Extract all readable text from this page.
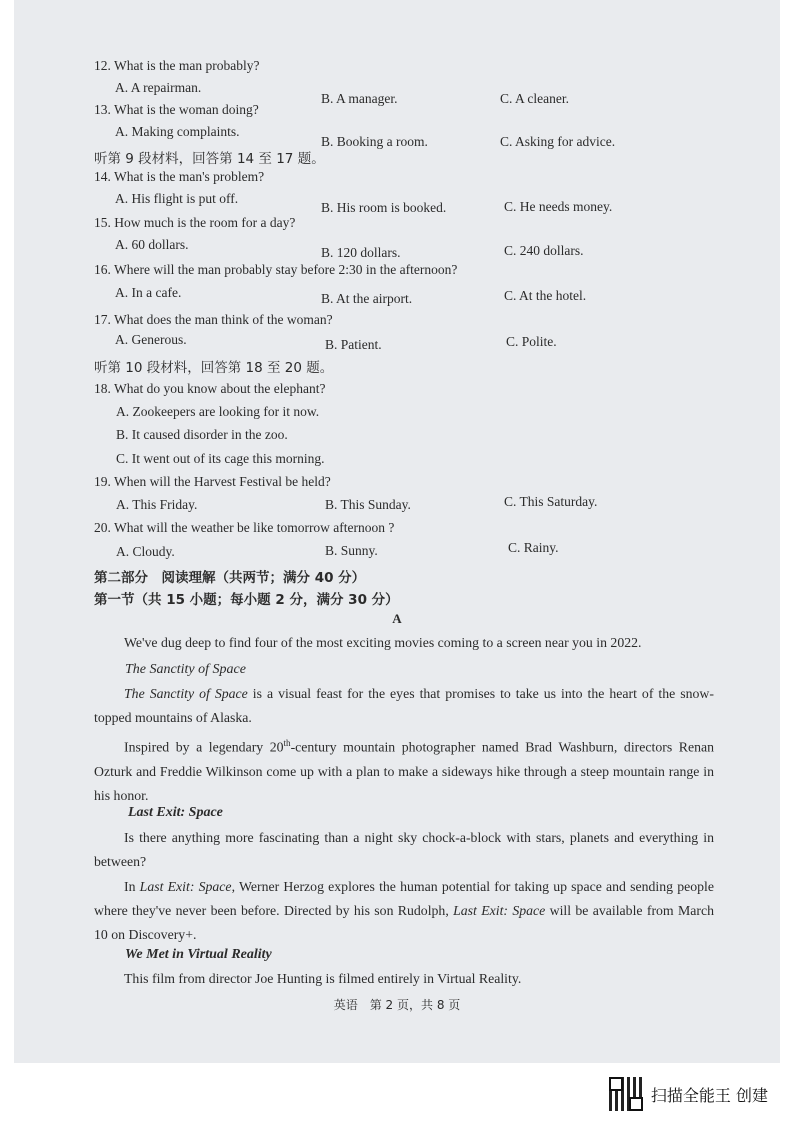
12. What is the man probably?
A. A repairman.
B. A manager.	C. A cleaner.
13. What is the woman doing?
A. Making complaints.
B. Booking a room.	C. Asking for advice.
听第 9 段材料，回答第 14 至 17 题。
14. What is the man's problem?
A. His flight is put off.
B. His room is booked.	C. He needs money.
15. How much is the room for a day?
A. 60 dollars.
B. 120 dollars.	C. 240 dollars.
16. Where will the man probably stay before 2:30 in the afternoon?
A. In a cafe.	B. At the airport.	C. At the hotel.
17. What does the man think of the woman?
A. Generous.	B. Patient.	C. Polite.
听第 10 段材料，回答第 18 至 20 题。
18. What do you know about the elephant?
A. Zookeepers are looking for it now.
B. It caused disorder in the zoo.
C. It went out of its cage this morning.
19. When will the Harvest Festival be held?
A. This Friday.	B. This Sunday.	C. This Saturday.
20. What will the weather be like tomorrow afternoon ?
A. Cloudy.	B. Sunny.	C. Rainy.
第二部分　阅读理解（共两节；满分 40 分）
第一节（共 15 小题；每小题 2 分，满分 30 分）
A
We've dug deep to find four of the most exciting movies coming to a screen near you in 2022.
The Sanctity of Space
The Sanctity of Space is a visual feast for the eyes that promises to take us into the heart of the snow-topped mountains of Alaska.
Inspired by a legendary 20th-century mountain photographer named Brad Washburn, directors Renan Ozturk and Freddie Wilkinson come up with a plan to make a sideways hike through a steep mountain range in his honor.
Last Exit: Space
Is there anything more fascinating than a night sky chock-a-block with stars, planets and everything in between?
In Last Exit: Space, Werner Herzog explores the human potential for taking up space and sending people where they've never been before. Directed by his son Rudolph, Last Exit: Space will be available from March 10 on Discovery+.
We Met in Virtual Reality
This film from director Joe Hunting is filmed entirely in Virtual Reality.
英语　第 2 页，共 8 页
扫描全能王 创建
